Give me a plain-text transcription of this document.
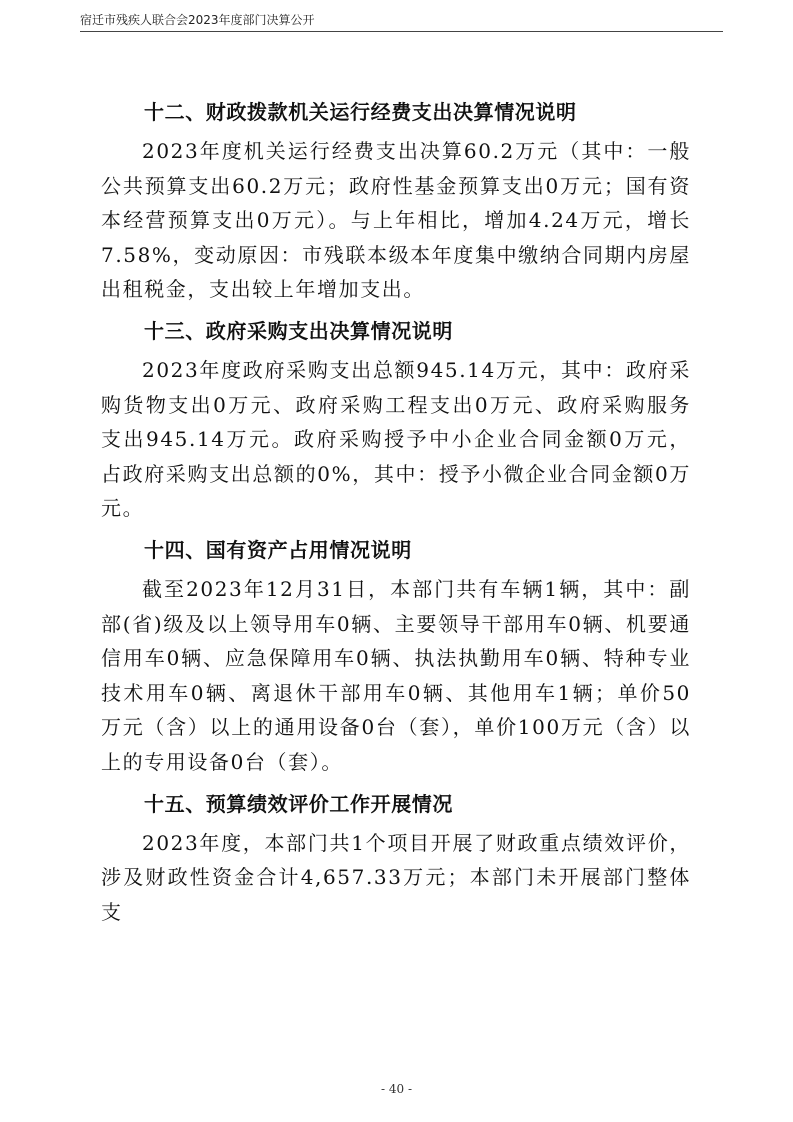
宿迁市残疾人联合会2023年度部门决算公开
十二、财政拨款机关运行经费支出决算情况说明

2023年度机关运行经费支出决算60.2万元（其中：一般公共预算支出60.2万元；政府性基金预算支出0万元；国有资本经营预算支出0万元）。与上年相比，增加4.24万元，增长7.58%，变动原因：市残联本级本年度集中缴纳合同期内房屋出租税金，支出较上年增加支出。

十三、政府采购支出决算情况说明

2023年度政府采购支出总额945.14万元，其中：政府采购货物支出0万元、政府采购工程支出0万元、政府采购服务支出945.14万元。政府采购授予中小企业合同金额0万元，占政府采购支出总额的0%，其中：授予小微企业合同金额0万元。

十四、国有资产占用情况说明

截至2023年12月31日，本部门共有车辆1辆，其中：副部(省)级及以上领导用车0辆、主要领导干部用车0辆、机要通信用车0辆、应急保障用车0辆、执法执勤用车0辆、特种专业技术用车0辆、离退休干部用车0辆、其他用车1辆；单价50万元（含）以上的通用设备0台（套），单价100万元（含）以上的专用设备0台（套）。

十五、预算绩效评价工作开展情况

2023年度，本部门共1个项目开展了财政重点绩效评价，涉及财政性资金合计4,657.33万元；本部门未开展部门整体支

- 40 -
